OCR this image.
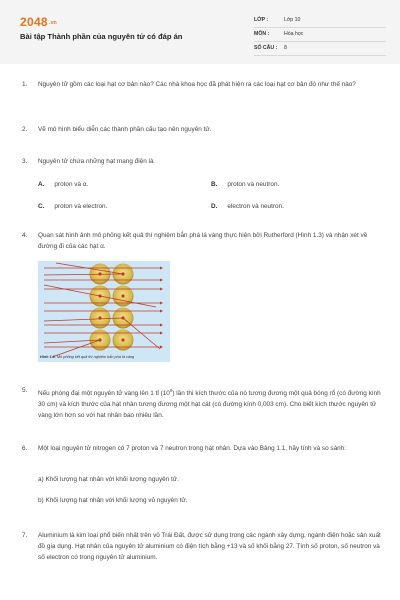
2048.vn
Bài tập Thành phần của nguyên tử có đáp án
LỚP :	Lớp 10
MÔN :	Hóa học
SỐ CÂU : 8
1. Nguyên tử gồm các loại hạt cơ bản nào? Các nhà khoa học đã phát hiện ra các loại hạt cơ bản đó như thế nào?
2. Vẽ mô hình biểu diễn các thành phần cấu tạo nên nguyên tử.
3. Nguyên tử chứa những hạt mang điện là
A. proton và α.	B. proton và neutron.
C. proton và electron.	D. electron và neutron.
4. Quan sát hình ảnh mô phỏng kết quả thí nghiệm bắn phá lá vàng thực hiện bởi Rutherford (Hình 1.3) và nhận xét về đường đi của các hạt α.
Hình 1.3. Mô phỏng kết quả thí nghiệm bắn phá lá vàng
5. Nếu phóng đại một nguyên tử vàng lên 1 tỉ $(10^9)$ lần thì kích thước của nó tương đương một quả bóng rổ (có đường kính 30 cm) và kích thước của hạt nhân tương đương một hạt cát (có đường kính 0,003 cm). Cho biết kích thước nguyên tử vàng lớn hơn so với hạt nhân bao nhiêu lần.
6. Một loại nguyên tử nitrogen có 7 proton và 7 neutron trong hạt nhân. Dựa vào Bảng 1.1, hãy tính và so sánh:
a) Khối lượng hạt nhân với khối lượng nguyên tử.
b) Khối lượng hạt nhân với khối lượng vỏ nguyên tử.
7. Aluminium là kim loại phổ biến nhất trên vỏ Trái Đất, được sử dụng trong các ngành xây dựng, ngành điện hoặc sản xuất đồ gia dụng. Hạt nhân của nguyên tử aluminium có điện tích bằng +13 và số khối bằng 27. Tính số proton, số neutron và số electron có trong nguyên tử aluminium.
